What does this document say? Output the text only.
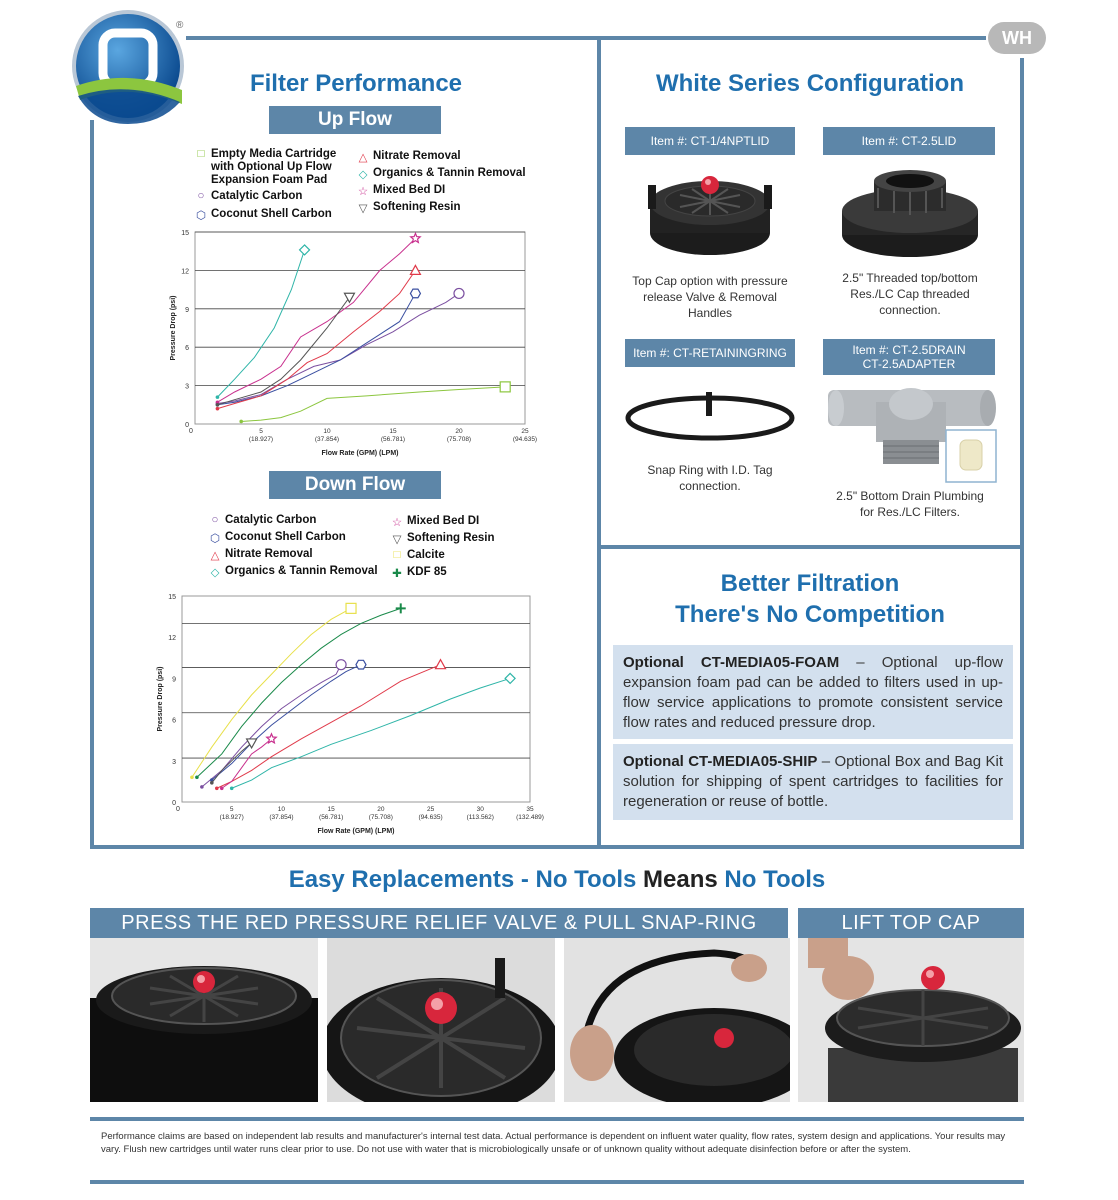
®
WH
Filter Performance
Up Flow
□ Empty Media Cartridge
with Optional Up Flow
Expansion Foam Pad
○ Catalytic Carbon
⬡ Coconut Shell Carbon
△ Nitrate Removal
◇ Organics & Tannin Removal
☆ Mixed Bed DI
▽ Softening Resin
0
3
6
9
12
15
0	5
(18.927)
10
(37.854)
15
(56.781)
20
(75.708)
25
(94.635)
Flow Rate (GPM) (LPM)
Pressure Drop (psi)
Down Flow
○ Catalytic Carbon
⬡ Coconut Shell Carbon
△ Nitrate Removal
◇ Organics & Tannin Removal
☆ Mixed Bed DI
▽ Softening Resin
□ Calcite
✚ KDF 85
0
3
6
9
12
15
0	5
(18.927)
10
(37.854)
15
(56.781)
20
(75.708)
25
(94.635)
30
(113.562)
35
(132.489)
Flow Rate (GPM) (LPM)
Pressure Drop (psi)
White Series Configuration
Item #: CT-1/4NPTLID	Item #: CT-2.5LID
Top Cap option with pressure
release Valve & Removal
Handles
2.5" Threaded top/bottom
Res./LC Cap threaded
connection.
Item #: CT-RETAININGRING	Item #: CT-2.5DRAIN
CT-2.5ADAPTER
Snap Ring with I.D. Tag
connection.
2.5" Bottom Drain Plumbing
for Res./LC Filters.
Better Filtration
There's No Competition
Optional CT-MEDIA05-FOAM – Optional up-flow expansion foam pad can be added to filters used in up-flow service applications to promote consistent service flow rates and reduced pressure drop.
Optional CT-MEDIA05-SHIP – Optional Box and Bag Kit solution for shipping of spent cartridges to facilities for regeneration or reuse of bottle.
Easy Replacements - No Tools Means No Tools
PRESS THE RED PRESSURE RELIEF VALVE & PULL SNAP-RING	LIFT TOP CAP
Performance claims are based on independent lab results and manufacturer's internal test data. Actual performance is dependent on influent water quality, flow rates, system design and applications. Your results may vary. Flush new cartridges until water runs clear prior to use. Do not use with water that is microbiologically unsafe or of unknown quality without adequate disinfection before or after the system.
